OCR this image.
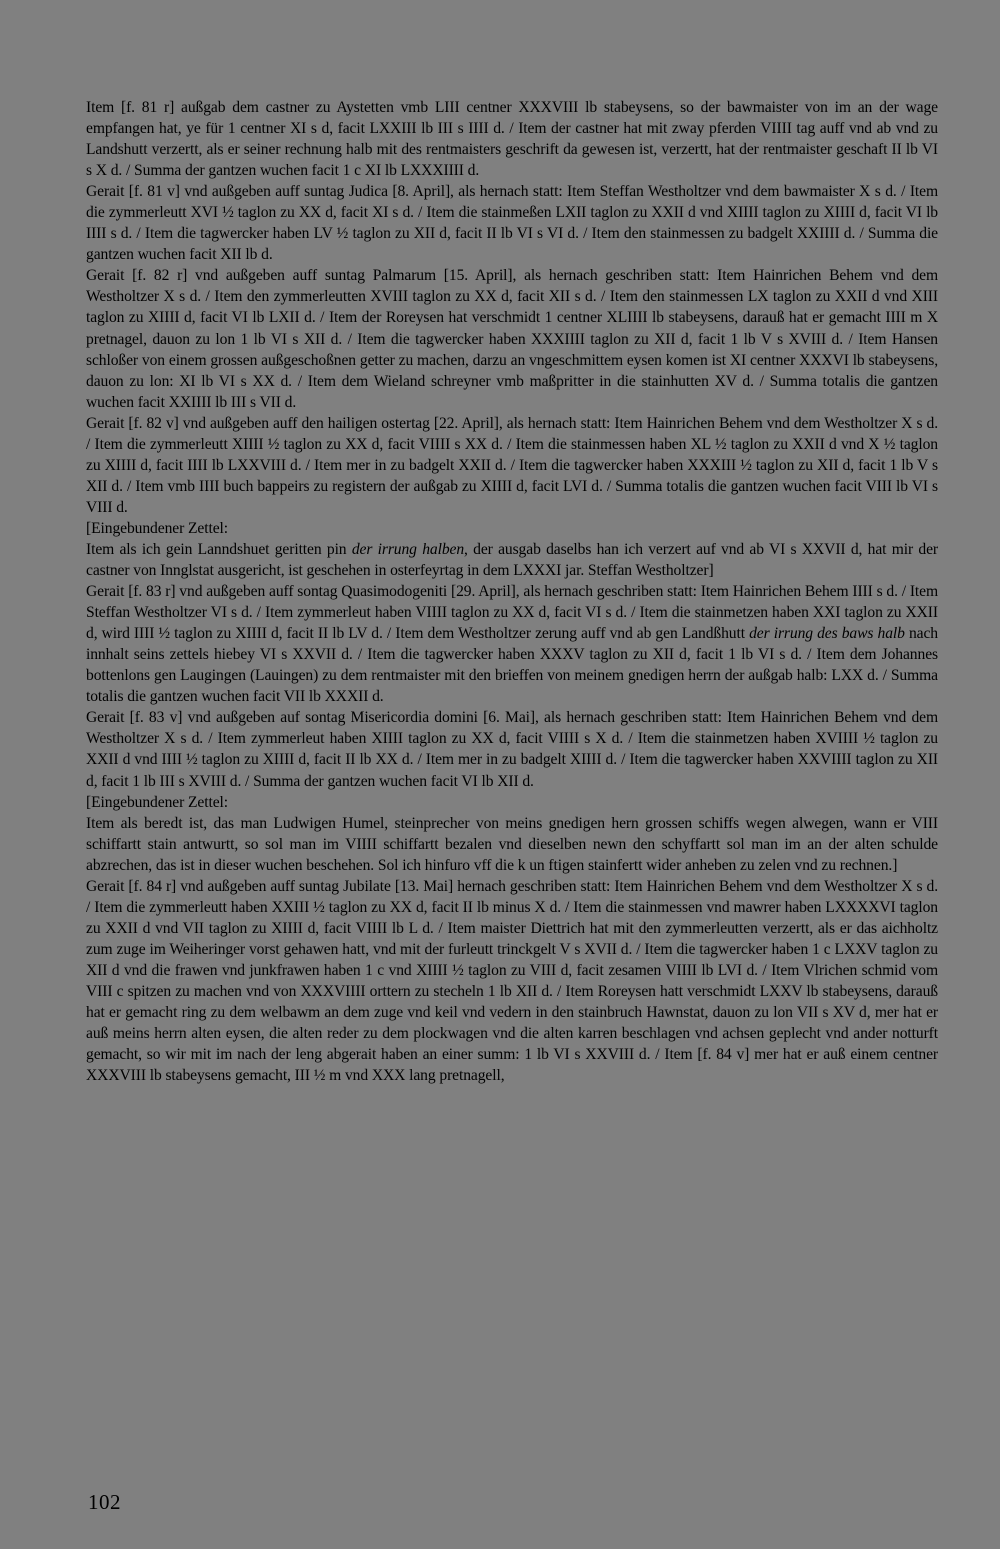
Item [f. 81 r] außgab dem castner zu Aystetten vmb LIII centner XXXVIII lb stabeysens, so der bawmaister von im an der wage empfangen hat, ye für 1 centner XI s d, facit LXXIII lb III s IIII d. / Item der castner hat mit zway pferden VIIII tag auff vnd ab vnd zu Landshutt verzertt, als er seiner rechnung halb mit des rentmaisters geschrift da gewesen ist, verzertt, hat der rentmaister geschaft II lb VI s X d. / Summa der gantzen wuchen facit 1 c XI lb LXXXIIII d.

Gerait [f. 81 v] vnd außgeben auff suntag Judica [8. April], als hernach statt: Item Steffan Westholtzer vnd dem bawmaister X s d. / Item die zymmerleutt XVI ½ taglon zu XX d, facit XI s d. / Item die stainmeßen LXII taglon zu XXII d vnd XIIII taglon zu XIIII d, facit VI lb IIII s d. / Item die tagwercker haben LV ½ taglon zu XII d, facit II lb VI s VI d. / Item den stainmessen zu badgelt XXIIII d. / Summa die gantzen wuchen facit XII lb d.

Gerait [f. 82 r] vnd außgeben auff suntag Palmarum [15. April], als hernach geschriben statt: Item Hainrichen Behem vnd dem Westholtzer X s d. / Item den zymmerleutten XVIII taglon zu XX d, facit XII s d. / Item den stainmessen LX taglon zu XXII d vnd XIII taglon zu XIIII d, facit VI lb LXII d. / Item der Roreysen hat verschmidt 1 centner XLIIII lb stabeysens, darauß hat er gemacht IIII m X pretnagel, dauon zu lon 1 lb VI s XII d. / Item die tagwercker haben XXXIIII taglon zu XII d, facit 1 lb V s XVIII d. / Item Hansen schloßer von einem grossen außgeschoßnen getter zu machen, darzu an vngeschmittem eysen komen ist XI centner XXXVI lb stabeysens, dauon zu lon: XI lb VI s XX d. / Item dem Wieland schreyner vmb maßpritter in die stainhutten XV d. / Summa totalis die gantzen wuchen facit XXIIII lb III s VII d.

Gerait [f. 82 v] vnd außgeben auff den hailigen ostertag [22. April], als hernach statt: Item Hainrichen Behem vnd dem Westholtzer X s d. / Item die zymmerleutt XIIII ½ taglon zu XX d, facit VIIII s XX d. / Item die stainmessen haben XL ½ taglon zu XXII d vnd X ½ taglon zu XIIII d, facit IIII lb LXXVIII d. / Item mer in zu badgelt XXII d. / Item die tagwercker haben XXXIII ½ taglon zu XII d, facit 1 lb V s XII d. / Item vmb IIII buch bappeirs zu registern der außgab zu XIIII d, facit LVI d. / Summa totalis die gantzen wuchen facit VIII lb VI s VIII d.

[Eingebundener Zettel:

Item als ich gein Lanndshuet geritten pin der irrung halben, der ausgab daselbs han ich verzert auf vnd ab VI s XXVII d, hat mir der castner von Innglstat ausgericht, ist geschehen in osterfeyrtag in dem LXXXI jar. Steffan Westholtzer]

Gerait [f. 83 r] vnd außgeben auff sontag Quasimodogeniti [29. April], als hernach geschriben statt: Item Hainrichen Behem IIII s d. / Item Steffan Westholtzer VI s d. / Item zymmerleut haben VIIII taglon zu XX d, facit VI s d. / Item die stainmetzen haben XXI taglon zu XXII d, wird IIII ½ taglon zu XIIII d, facit II lb LV d. / Item dem Westholtzer zerung auff vnd ab gen Landßhutt der irrung des baws halb nach innhalt seins zettels hiebey VI s XXVII d. / Item die tagwercker haben XXXV taglon zu XII d, facit 1 lb VI s d. / Item dem Johannes bottenlons gen Laugingen (Lauingen) zu dem rentmaister mit den brieffen von meinem gnedigen herrn der außgab halb: LXX d. / Summa totalis die gantzen wuchen facit VII lb XXXII d.

Gerait [f. 83 v] vnd außgeben auf sontag Misericordia domini [6. Mai], als hernach geschriben statt: Item Hainrichen Behem vnd dem Westholtzer X s d. / Item zymmerleut haben XIIII taglon zu XX d, facit VIIII s X d. / Item die stainmetzen haben XVIIII ½ taglon zu XXII d vnd IIII ½ taglon zu XIIII d, facit II lb XX d. / Item mer in zu badgelt XIIII d. / Item die tagwercker haben XXVIIII taglon zu XII d, facit 1 lb III s XVIII d. / Summa der gantzen wuchen facit VI lb XII d.

[Eingebundener Zettel:

Item als beredt ist, das man Ludwigen Humel, steinprecher von meins gnedigen hern grossen schiffs wegen alwegen, wann er VIII schiffartt stain antwurtt, so sol man im VIIII schiffartt bezalen vnd dieselben newn den schyffartt sol man im an der alten schulde abzrechen, das ist in dieser wuchen beschehen. Sol ich hinfuro vff die k un ftigen stainfertt wider anheben zu zelen vnd zu rechnen.]

Gerait [f. 84 r] vnd außgeben auff suntag Jubilate [13. Mai] hernach geschriben statt: Item Hainrichen Behem vnd dem Westholtzer X s d. / Item die zymmerleutt haben XXIII ½ taglon zu XX d, facit II lb minus X d. / Item die stainmessen vnd mawrer haben LXXXXVI taglon zu XXII d vnd VII taglon zu XIIII d, facit VIIII lb L d. / Item maister Diettrich hat mit den zymmerleutten verzertt, als er das aichholtz zum zuge im Weiheringer vorst gehawen hatt, vnd mit der furleutt trinckgelt V s XVII d. / Item die tagwercker haben 1 c LXXV taglon zu XII d vnd die frawen vnd junkfrawen haben 1 c vnd XIIII ½ taglon zu VIII d, facit zesamen VIIII lb LVI d. / Item Vlrichen schmid vom VIII c spitzen zu machen vnd von XXXVIIII orttern zu stecheln 1 lb XII d. / Item Roreysen hatt verschmidt LXXV lb stabeysens, darauß hat er gemacht ring zu dem welbawm an dem zuge vnd keil vnd vedern in den stainbruch Hawnstat, dauon zu lon VII s XV d, mer hat er auß meins herrn alten eysen, die alten reder zu dem plockwagen vnd die alten karren beschlagen vnd achsen geplecht vnd ander notturft gemacht, so wir mit im nach der leng abgerait haben an einer summ: 1 lb VI s XXVIII d. / Item [f. 84 v] mer hat er auß einem centner XXXVIII lb stabeysens gemacht, III ½ m vnd XXX lang pretnagell,

102
